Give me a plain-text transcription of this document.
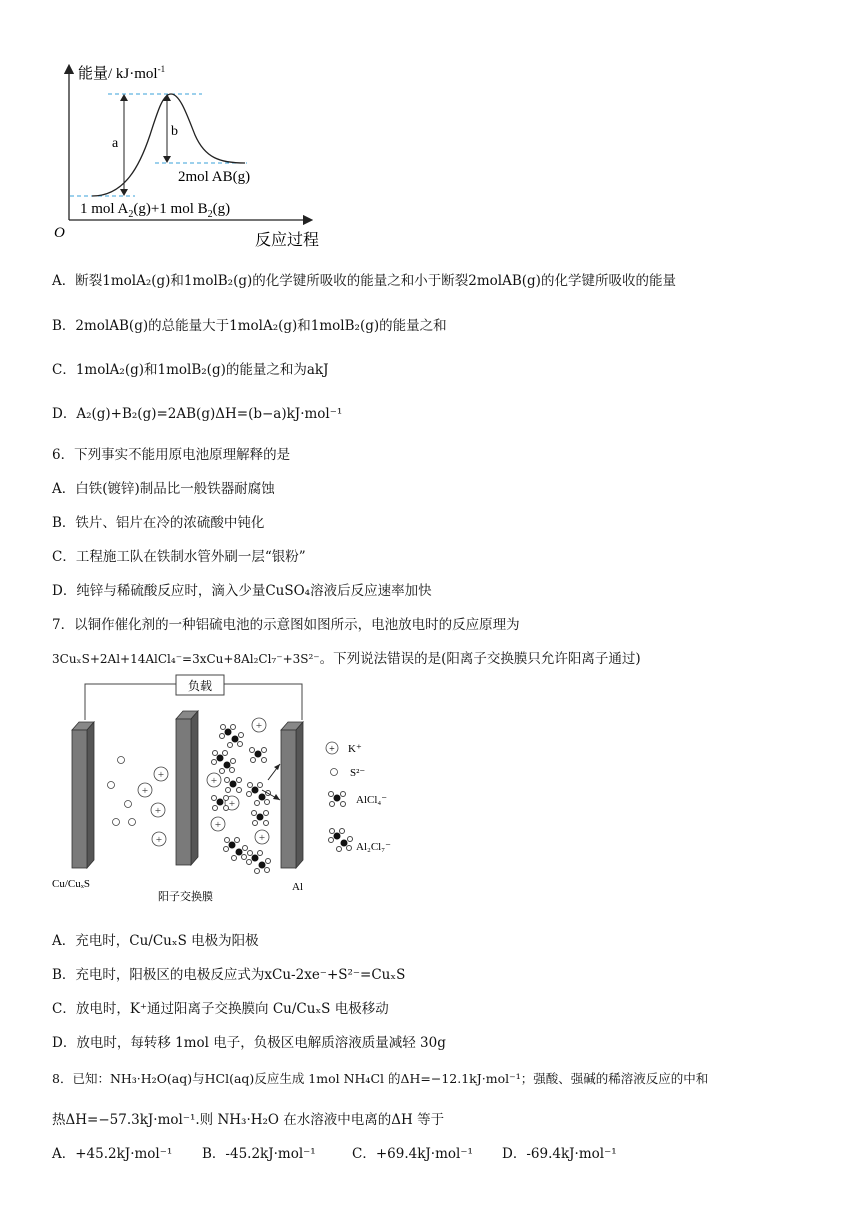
能量/ kJ·mol$^{-1}$
反应过程
O
a
b
2mol AB(g)
1 mol $A_2(g)+1$ mol $B_2(g)$
A．断裂1molA₂(g)和1molB₂(g)的化学键所吸收的能量之和小于断裂2molAB(g)的化学键所吸收的能量
B．2molAB(g)的总能量大于1molA₂(g)和1molB₂(g)的能量之和
C．1molA₂(g)和1molB₂(g)的能量之和为akJ
D．A₂(g)+B₂(g)=2AB(g)ΔH=(b−a)kJ·mol⁻¹
6．下列事实不能用原电池原理解释的是
A．白铁(镀锌)制品比一般铁器耐腐蚀
B．铁片、铝片在冷的浓硫酸中钝化
C．工程施工队在铁制水管外刷一层“银粉”
D．纯锌与稀硫酸反应时，滴入少量CuSO₄溶液后反应速率加快
7．以铜作催化剂的一种铝硫电池的示意图如图所示，电池放电时的反应原理为
3CuₓS+2Al+14AlCl₄⁻=3xCu+8Al₂Cl₇⁻+3S²⁻。下列说法错误的是(阳离子交换膜只允许阳离子通过)
负载
+
+
+
+
+
+
+
+
+
+ K⁺
S²⁻
AlCl₄⁻
Al₂Cl₇⁻
Cu/CuₓS
阳子交换膜
Al
A．充电时，Cu/CuₓS 电极为阳极
B．充电时，阳极区的电极反应式为xCu-2xe⁻+S²⁻=CuₓS
C．放电时，K⁺通过阳离子交换膜向 Cu/CuₓS 电极移动
D．放电时，每转移 1mol 电子，负极区电解质溶液质量减轻 30g
8．已知：NH₃·H₂O(aq)与HCl(aq)反应生成 1mol NH₄Cl 的ΔH=−12.1kJ·mol⁻¹；强酸、强碱的稀溶液反应的中和
热ΔH=−57.3kJ·mol⁻¹.则 NH₃·H₂O 在水溶液中电离的ΔH 等于
A．+45.2kJ·mol⁻¹ B．-45.2kJ·mol⁻¹	C．+69.4kJ·mol⁻¹ D．-69.4kJ·mol⁻¹
